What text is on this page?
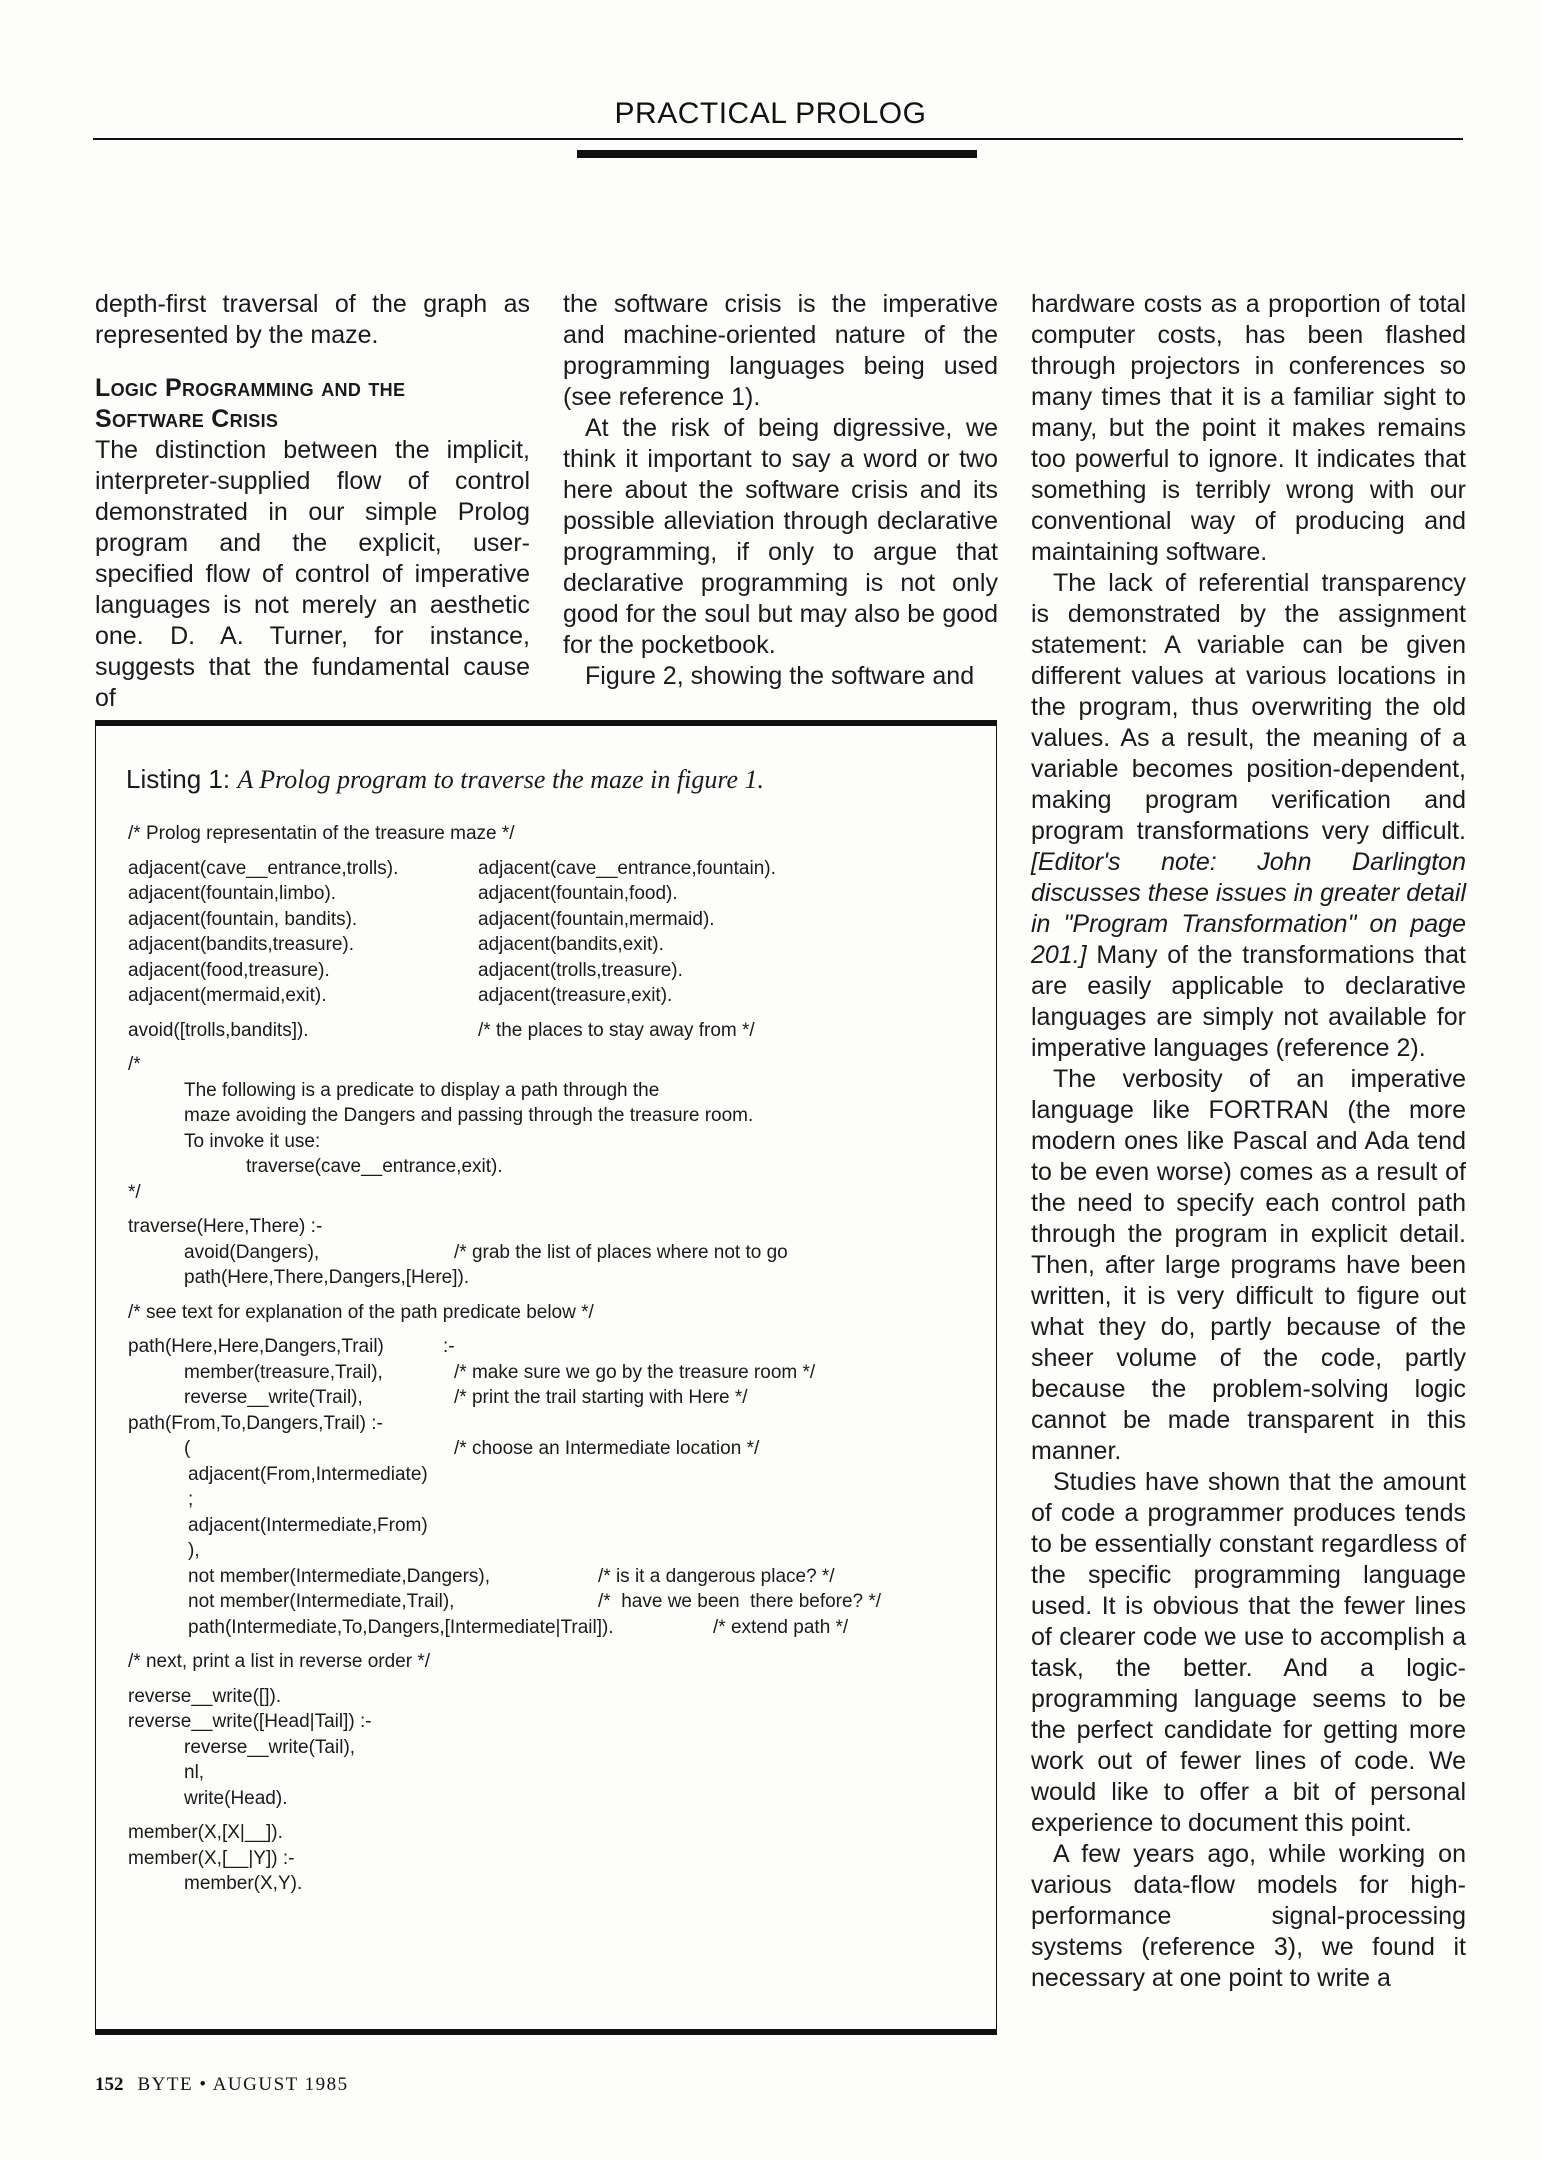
PRACTICAL PROLOG

depth-first traversal of the graph as represented by the maze.

Logic Programming and the
Software Crisis

The distinction between the implicit, interpreter-supplied flow of control demonstrated in our simple Prolog program and the explicit, user-specified flow of control of imperative languages is not merely an aesthetic one. D. A. Turner, for instance, suggests that the fundamental cause of

the software crisis is the imperative and machine-oriented nature of the programming languages being used (see reference 1).

At the risk of being digressive, we think it important to say a word or two here about the software crisis and its possible alleviation through declarative programming, if only to argue that declarative programming is not only good for the soul but may also be good for the pocketbook.

Figure 2, showing the software and

hardware costs as a proportion of total computer costs, has been flashed through projectors in conferences so many times that it is a familiar sight to many, but the point it makes remains too powerful to ignore. It indicates that something is terribly wrong with our conventional way of producing and maintaining software.

The lack of referential transparency is demonstrated by the assignment statement: A variable can be given different values at various locations in the program, thus overwriting the old values. As a result, the meaning of a variable becomes position-dependent, making program verification and program transformations very difficult. [Editor's note: John Darlington discusses these issues in greater detail in "Program Transformation" on page 201.] Many of the transformations that are easily applicable to declarative languages are simply not available for imperative languages (reference 2).

The verbosity of an imperative language like FORTRAN (the more modern ones like Pascal and Ada tend to be even worse) comes as a result of the need to specify each control path through the program in explicit detail. Then, after large programs have been written, it is very difficult to figure out what they do, partly because of the sheer volume of the code, partly because the problem-solving logic cannot be made transparent in this manner.

Studies have shown that the amount of code a programmer produces tends to be essentially constant regardless of the specific programming language used. It is obvious that the fewer lines of clearer code we use to accomplish a task, the better. And a logic-programming language seems to be the perfect candidate for getting more work out of fewer lines of code. We would like to offer a bit of personal experience to document this point.

A few years ago, while working on various data-flow models for high-performance signal-processing systems (reference 3), we found it necessary at one point to write a

Listing 1: A Prolog program to traverse the maze in figure 1.
/* Prolog representatin of the treasure maze */
adjacent(cave__entrance,trolls).	adjacent(cave__entrance,fountain).
adjacent(fountain,limbo).	adjacent(fountain,food).
adjacent(fountain, bandits).	adjacent(fountain,mermaid).
adjacent(bandits,treasure).	adjacent(bandits,exit).
adjacent(food,treasure).	adjacent(trolls,treasure).
adjacent(mermaid,exit).	adjacent(treasure,exit).
avoid([trolls,bandits]).	/* the places to stay away from */
/*
The following is a predicate to display a path through the
maze avoiding the Dangers and passing through the treasure room.
To invoke it use:
traverse(cave__entrance,exit).
*/
traverse(Here,There) :-
avoid(Dangers),	/* grab the list of places where not to go
path(Here,There,Dangers,[Here]).
/* see text for explanation of the path predicate below */
path(Here,Here,Dangers,Trail)	:-
member(treasure,Trail),	/* make sure we go by the treasure room */
reverse__write(Trail),	/* print the trail starting with Here */
path(From,To,Dangers,Trail) :-
(	/* choose an Intermediate location */
adjacent(From,Intermediate)
;
adjacent(Intermediate,From)
),
not member(Intermediate,Dangers),	/* is it a dangerous place? */
not member(Intermediate,Trail),	/*  have we been  there before? */
path(Intermediate,To,Dangers,[Intermediate|Trail]).	/* extend path */
/* next, print a list in reverse order */
reverse__write([]).
reverse__write([Head|Tail]) :-
reverse__write(Tail),
nl,
write(Head).
member(X,[X|__]).
member(X,[__|Y]) :-
member(X,Y).
152 BYTE • AUGUST 1985
